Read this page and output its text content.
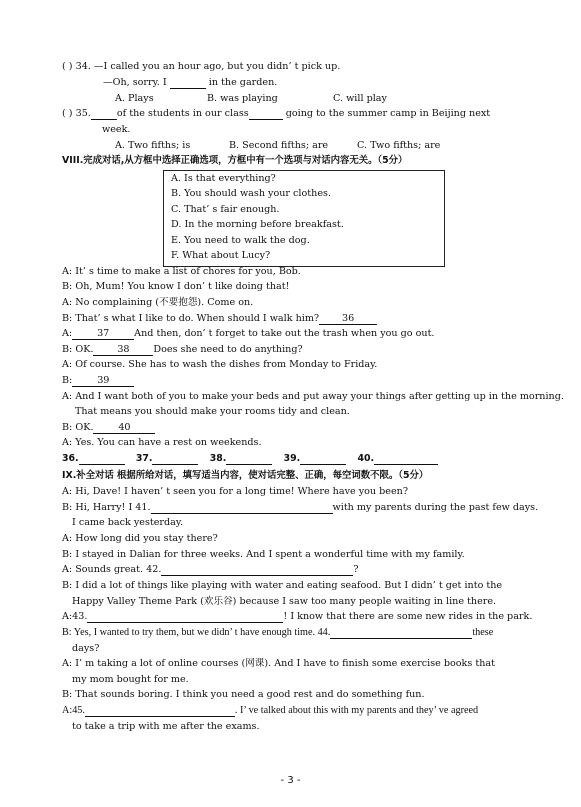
( ) 34. —I called you an hour ago, but you didn’ t pick up.
—Oh, sorry. I	in the garden.
A. Plays	B. was playing	C. will play
( ) 35.	of the students in our class	going to the summer camp in Beijing next
week.
A. Two fifths; is	B. Second fifths; are	C. Two fifths; are
VIII.完成对话,从方框中选择正确选项，方框中有一个选项与对话内容无关。（5分）
A. Is that everything?
B. You should wash your clothes.
C. That’ s fair enough.
D. In the morning before breakfast.
E. You need to walk the dog.
F. What about Lucy?
A: It’ s time to make a list of chores for you, Bob.
B: Oh, Mum! You know I don’ t like doing that!
A: No complaining (不要抱怨). Come on.
B: That’ s what I like to do. When should I walk him? 36
A:	37	And then, don’ t forget to take out the trash when you go out.
B: OK. 38 Does she need to do anything?
A: Of course. She has to wash the dishes from Monday to Friday.
B:	39
A: And I want both of you to make your beds and put away your things after getting up in the morning.
That means you should make your rooms tidy and clean.
B: OK.	40
A: Yes. You can have a rest on weekends.
36.	37.	38.	39.	40.
IX.补全对话 根据所给对话，填写适当内容，使对话完整、正确，每空词数不限。（5分）
A: Hi, Dave! I haven’ t seen you for a long time! Where have you been?
B: Hi, Harry! I 41.	with my parents during the past few days.
I came back yesterday.
A: How long did you stay there?
B: I stayed in Dalian for three weeks. And I spent a wonderful time with my family.
A: Sounds great. 42.	?
B: I did a lot of things like playing with water and eating seafood. But I didn’ t get into the
Happy Valley Theme Park (欢乐谷) because I saw too many people waiting in line there.
A:43.	! I know that there are some new rides in the park.
B: Yes, I wanted to try them, but we didn’ t have enough time. 44.	these
days?
A: I’ m taking a lot of online courses (网课). And I have to finish some exercise books that
my mom bought for me.
B: That sounds boring. I think you need a good rest and do something fun.
A:45.	. I’ ve talked about this with my parents and they’ ve agreed
to take a trip with me after the exams.
- 3 -
